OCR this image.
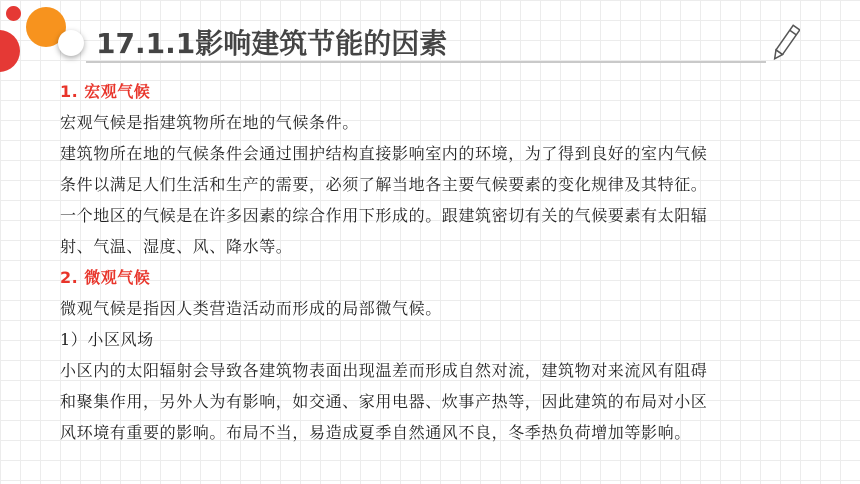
17.1.1影响建筑节能的因素

1. 宏观气候

宏观气候是指建筑物所在地的气候条件。

建筑物所在地的气候条件会通过围护结构直接影响室内的环境，为了得到良好的室内气候

条件以满足人们生活和生产的需要，必须了解当地各主要气候要素的变化规律及其特征。

一个地区的气候是在许多因素的综合作用下形成的。跟建筑密切有关的气候要素有太阳辐

射、气温、湿度、风、降水等。

2. 微观气候

微观气候是指因人类营造活动而形成的局部微气候。

1）小区风场

小区内的太阳辐射会导致各建筑物表面出现温差而形成自然对流，建筑物对来流风有阻碍

和聚集作用，另外人为有影响，如交通、家用电器、炊事产热等，因此建筑的布局对小区

风环境有重要的影响。布局不当，易造成夏季自然通风不良，冬季热负荷增加等影响。
